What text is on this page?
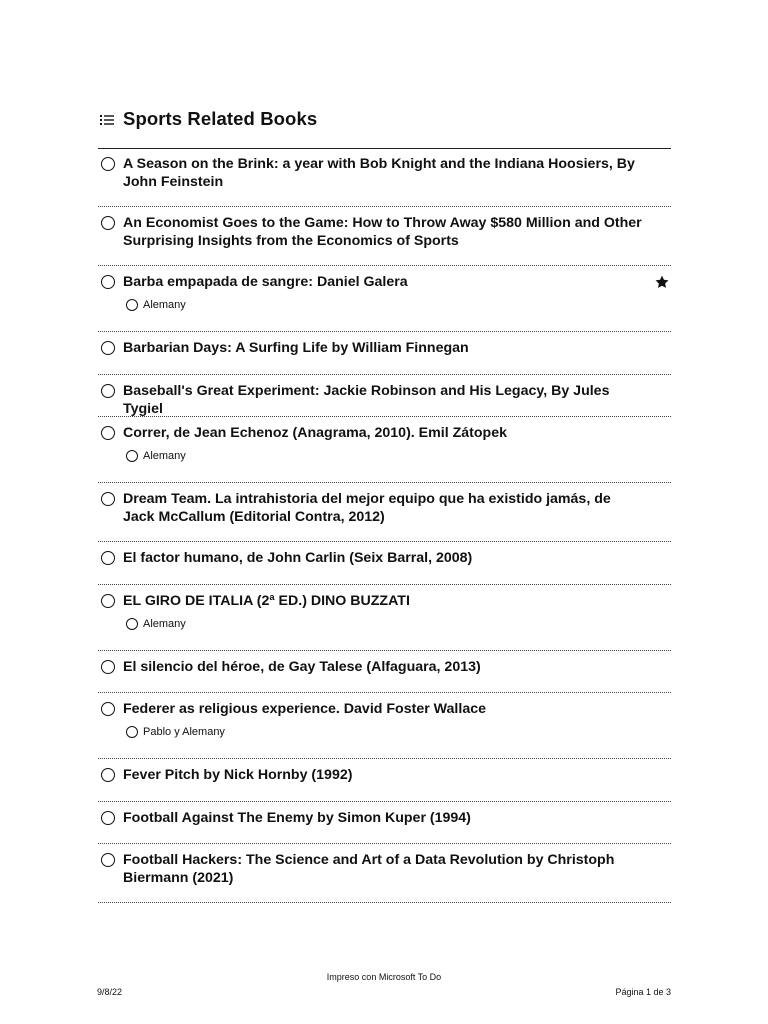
Sports Related Books
A Season on the Brink: a year with Bob Knight and the Indiana Hoosiers, By John Feinstein
An Economist Goes to the Game: How to Throw Away $580 Million and Other Surprising Insights from the Economics of Sports
Barba empapada de sangre: Daniel Galera
Alemany
Barbarian Days: A Surfing Life by William Finnegan
Baseball's Great Experiment: Jackie Robinson and His Legacy, By Jules Tygiel
Correr, de Jean Echenoz (Anagrama, 2010). Emil Zátopek
Alemany
Dream Team. La intrahistoria del mejor equipo que ha existido jamás, de Jack McCallum (Editorial Contra, 2012)
El factor humano, de John Carlin (Seix Barral, 2008)
EL GIRO DE ITALIA (2ª ED.) DINO BUZZATI
Alemany
El silencio del héroe, de Gay Talese (Alfaguara, 2013)
Federer as religious experience. David Foster Wallace
Pablo y Alemany
Fever Pitch by Nick Hornby (1992)
Football Against The Enemy by Simon Kuper (1994)
Football Hackers: The Science and Art of a Data Revolution by Christoph Biermann (2021)
Impreso con Microsoft To Do
9/8/22	Página 1 de 3
